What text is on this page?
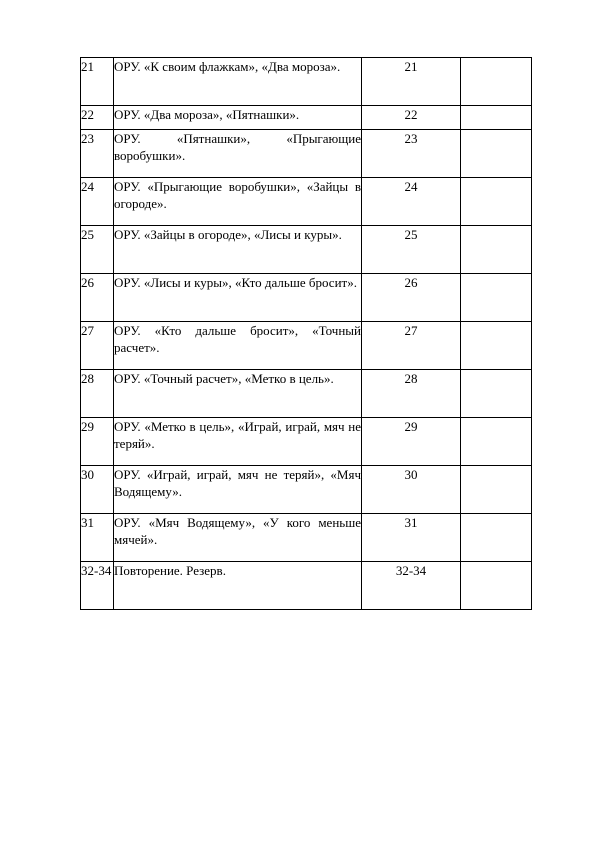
21	ОРУ. «К своим флажкам», «Два мороза».	21	
22	ОРУ. «Два мороза», «Пятнашки».	22	
23	ОРУ. «Пятнашки», «Прыгающие воробушки».	23	
24	ОРУ. «Прыгающие воробушки», «Зайцы в огороде».	24	
25	ОРУ. «Зайцы в огороде», «Лисы и куры».	25	
26	ОРУ. «Лисы и куры», «Кто дальше бросит».	26	
27	ОРУ. «Кто дальше бросит», «Точный расчет».	27	
28	ОРУ. «Точный расчет», «Метко в цель».	28	
29	ОРУ. «Метко в цель», «Играй, играй, мяч не теряй».	29	
30	ОРУ. «Играй, играй, мяч не теряй», «Мяч Водящему».	30	
31	ОРУ. «Мяч Водящему», «У кого меньше мячей».	31	
32-34	Повторение. Резерв.	32-34	
